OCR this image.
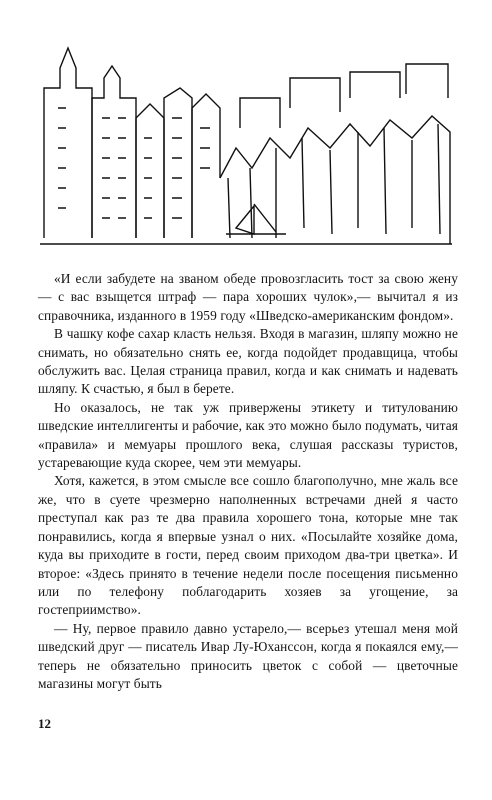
«И если забудете на званом обеде провозгласить тост за свою жену — с вас взыщется штраф — пара хороших чулок»,— вычитал я из справочника, изданного в 1959 году «Шведско-американским фондом».

В чашку кофе сахар класть нельзя. Входя в магазин, шляпу можно не снимать, но обязательно снять ее, когда подойдет продавщица, чтобы обслужить вас. Целая страница правил, когда и как снимать и надевать шляпу. К счастью, я был в берете.

Но оказалось, не так уж привержены этикету и титулованию шведские интеллигенты и рабочие, как это можно было подумать, читая «правила» и мемуары прошлого века, слушая рассказы туристов, устаревающие куда скорее, чем эти мемуары.

Хотя, кажется, в этом смысле все сошло благополучно, мне жаль все же, что в суете чрезмерно наполненных встречами дней я часто преступал как раз те два правила хорошего тона, которые мне так понравились, когда я впервые узнал о них. «Посылайте хозяйке дома, куда вы приходите в гости, перед своим приходом два-три цветка». И второе: «Здесь принято в течение недели после посещения письменно или по телефону поблагодарить хозяев за угощение, за гостеприимство».

— Ну, первое правило давно устарело,— всерьез утешал меня мой шведский друг — писатель Ивар Лу-Юханссон, когда я покаялся ему,— теперь не обязательно приносить цветок с собой — цветочные магазины могут быть

12
